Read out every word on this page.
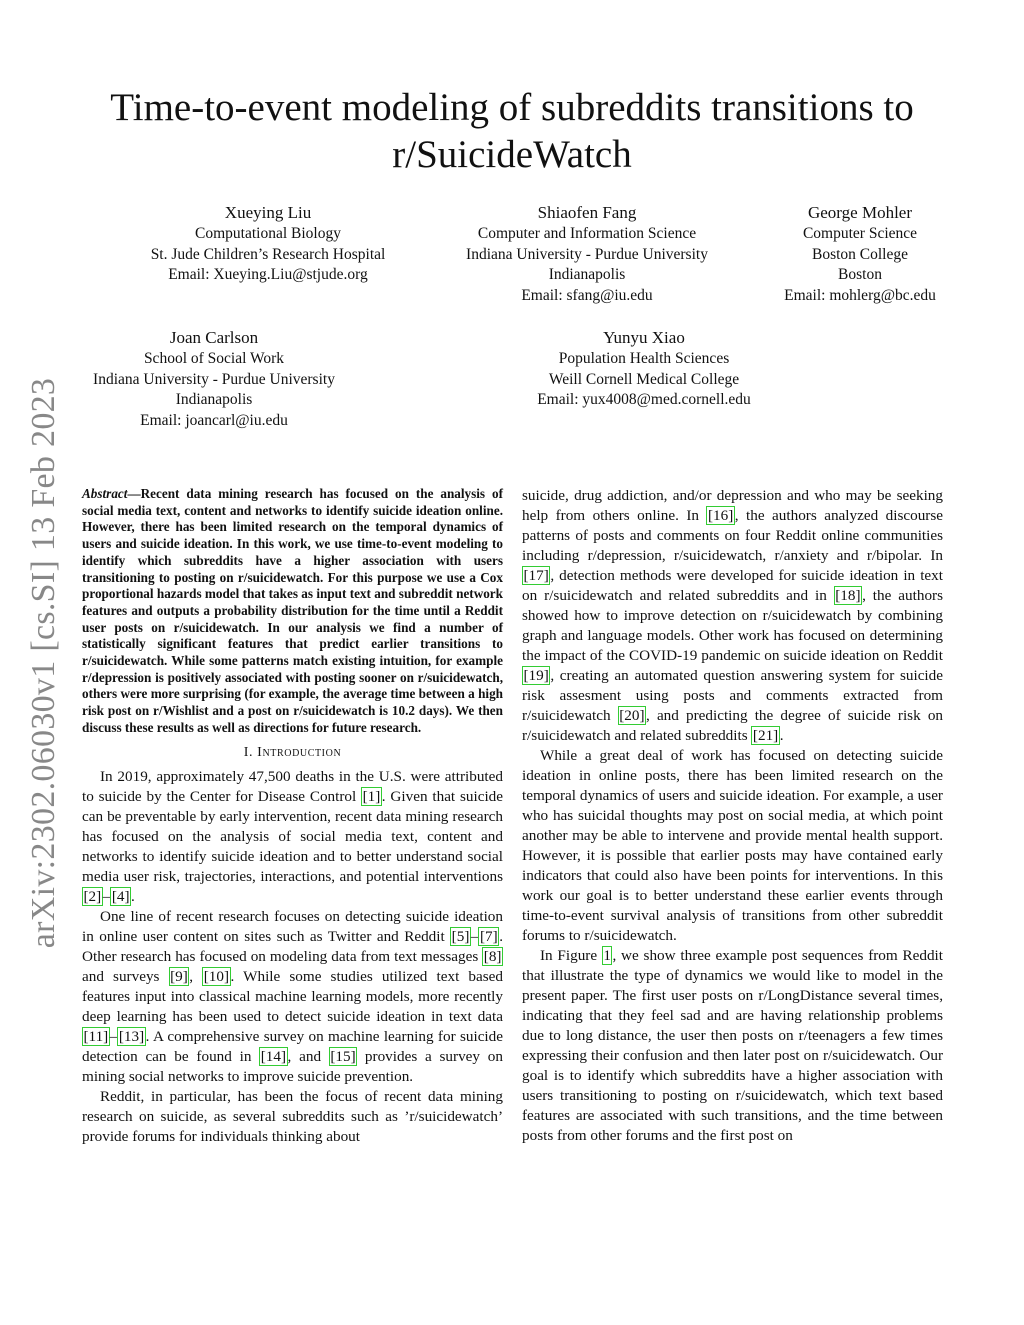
Time-to-event modeling of subreddits transitions to
r/SuicideWatch
Xueying Liu
Computational Biology
St. Jude Children’s Research Hospital
Email: Xueying.Liu@stjude.org
Shiaofen Fang
Computer and Information Science
Indiana University - Purdue University
Indianapolis
Email: sfang@iu.edu
George Mohler
Computer Science
Boston College
Boston
Email: mohlerg@bc.edu
Joan Carlson
School of Social Work
Indiana University - Purdue University
Indianapolis
Email: joancarl@iu.edu
Yunyu Xiao
Population Health Sciences
Weill Cornell Medical College
Email: yux4008@med.cornell.edu
arXiv:2302.06030v1 [cs.SI] 13 Feb 2023 Abstract—Recent data mining research has focused on the analysis of social media text, content and networks to identify suicide ideation online. However, there has been limited research on the temporal dynamics of users and suicide ideation. In this work, we use time-to-event modeling to identify which subreddits have a higher association with users transitioning to posting on r/suicidewatch. For this purpose we use a Cox proportional hazards model that takes as input text and subreddit network features and outputs a probability distribution for the time until a Reddit user posts on r/suicidewatch. In our analysis we find a number of statistically significant features that predict earlier transitions to r/suicidewatch. While some patterns match existing intuition, for example r/depression is positively associated with posting sooner on r/suicidewatch, others were more surprising (for example, the average time between a high risk post on r/Wishlist and a post on r/suicidewatch is 10.2 days). We then discuss these results as well as directions for future research.

I. Introduction

In 2019, approximately 47,500 deaths in the U.S. were attributed to suicide by the Center for Disease Control [1]. Given that suicide can be preventable by early intervention, recent data mining research has focused on the analysis of social media text, content and networks to identify suicide ideation and to better understand social media user risk, trajectories, interactions, and potential interventions [2]–[4].

One line of recent research focuses on detecting suicide ideation in online user content on sites such as Twitter and Reddit [5]–[7]. Other research has focused on modeling data from text messages [8] and surveys [9], [10]. While some studies utilized text based features input into classical machine learning models, more recently deep learning has been used to detect suicide ideation in text data [11]–[13]. A comprehensive survey on machine learning for suicide detection can be found in [14], and [15] provides a survey on mining social networks to improve suicide prevention.

Reddit, in particular, has been the focus of recent data mining research on suicide, as several subreddits such as ’r/suicidewatch’ provide forums for individuals thinking about

suicide, drug addiction, and/or depression and who may be seeking help from others online. In [16], the authors analyzed discourse patterns of posts and comments on four Reddit online communities including r/depression, r/suicidewatch, r/anxiety and r/bipolar. In [17], detection methods were developed for suicide ideation in text on r/suicidewatch and related subreddits and in [18], the authors showed how to improve detection on r/suicidewatch by combining graph and language models. Other work has focused on determining the impact of the COVID-19 pandemic on suicide ideation on Reddit [19], creating an automated question answering system for suicide risk assesment using posts and comments extracted from r/suicidewatch [20], and predicting the degree of suicide risk on r/suicidewatch and related subreddits [21].

While a great deal of work has focused on detecting suicide ideation in online posts, there has been limited research on the temporal dynamics of users and suicide ideation. For example, a user who has suicidal thoughts may post on social media, at which point another may be able to intervene and provide mental health support. However, it is possible that earlier posts may have contained early indicators that could also have been points for interventions. In this work our goal is to better understand these earlier events through time-to-event survival analysis of transitions from other subreddit forums to r/suicidewatch.

In Figure 1, we show three example post sequences from Reddit that illustrate the type of dynamics we would like to model in the present paper. The first user posts on r/LongDistance several times, indicating that they feel sad and are having relationship problems due to long distance, the user then posts on r/teenagers a few times expressing their confusion and then later post on r/suicidewatch. Our goal is to identify which subreddits have a higher association with users transitioning to posting on r/suicidewatch, which text based features are associated with such transitions, and the time between posts from other forums and the first post on
